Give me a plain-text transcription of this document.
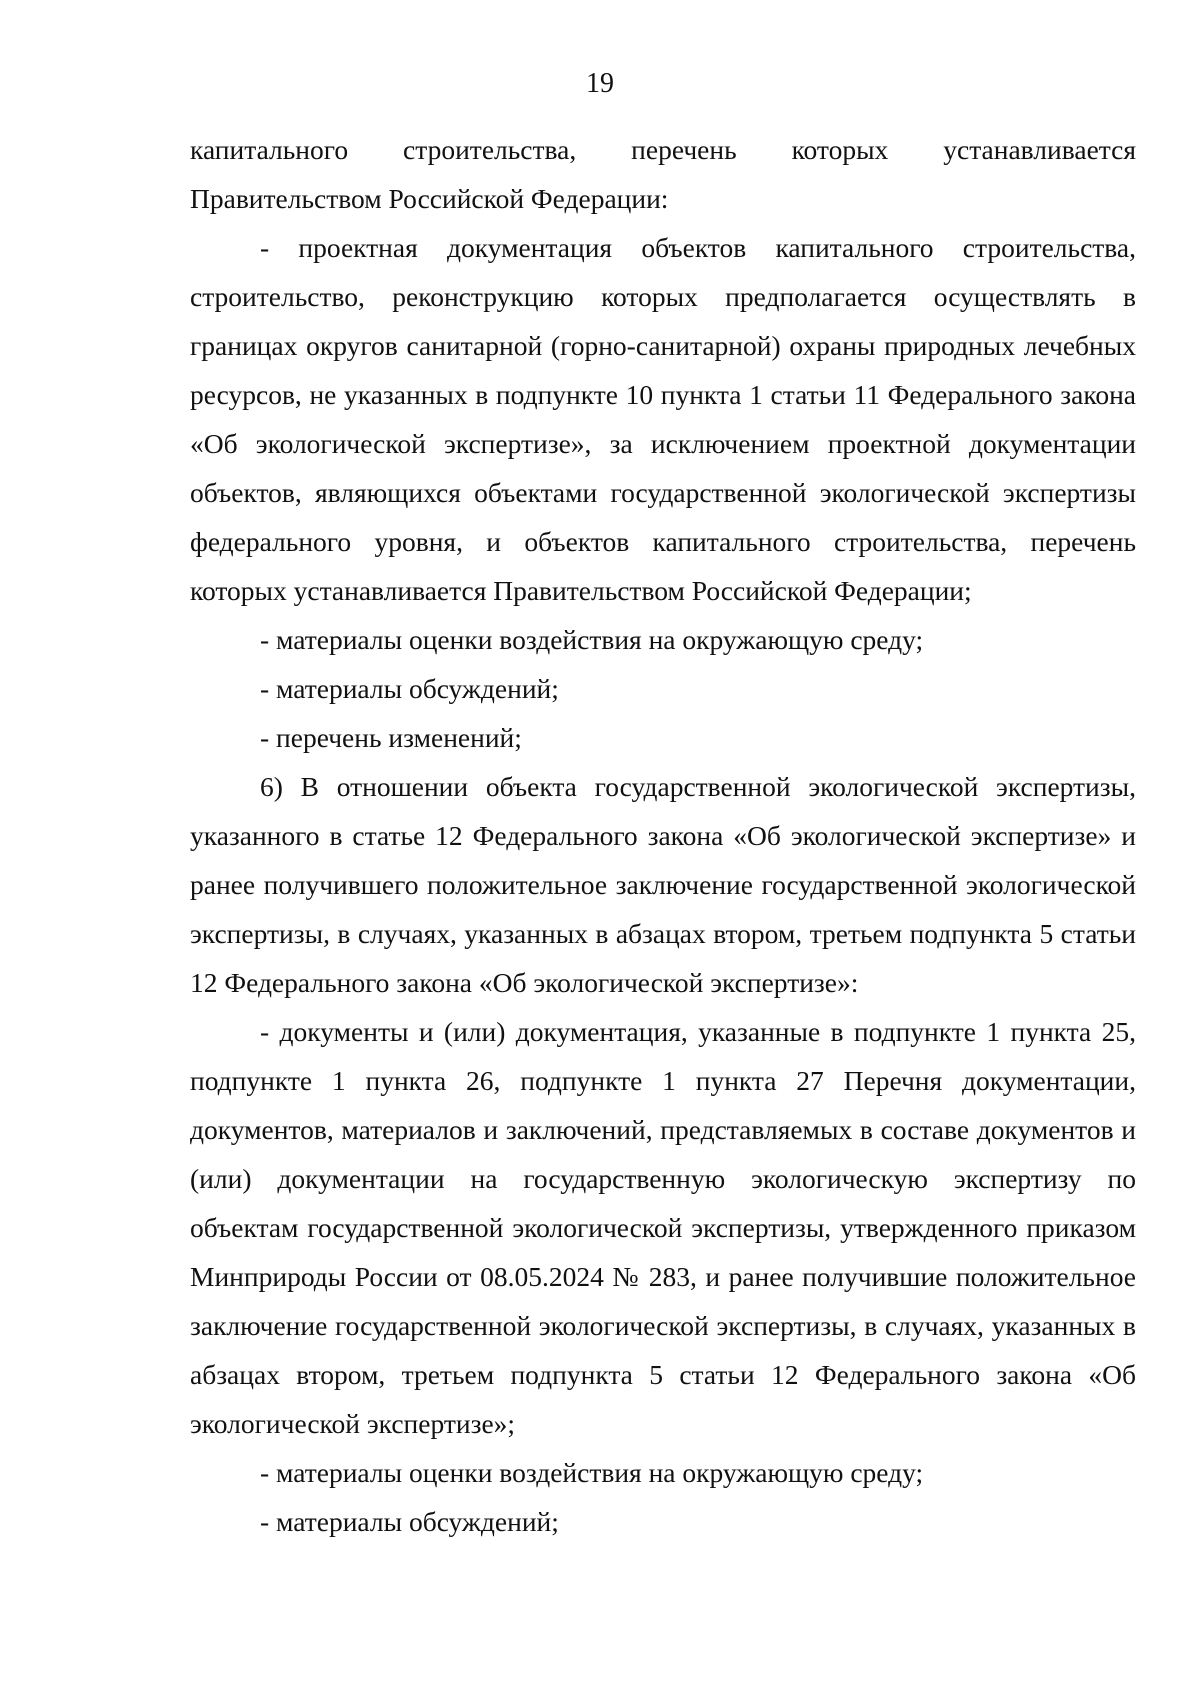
19

капитального строительства, перечень которых устанавливается Правительством Российской Федерации:

- проектная документация объектов капитального строительства, строительство, реконструкцию которых предполагается осуществлять в границах округов санитарной (горно-санитарной) охраны природных лечебных ресурсов, не указанных в подпункте 10 пункта 1 статьи 11 Федерального закона «Об экологической экспертизе», за исключением проектной документации объектов, являющихся объектами государственной экологической экспертизы федерального уровня, и объектов капитального строительства, перечень которых устанавливается Правительством Российской Федерации;

- материалы оценки воздействия на окружающую среду;

- материалы обсуждений;

- перечень изменений;

6) В отношении объекта государственной экологической экспертизы, указанного в статье 12 Федерального закона «Об экологической экспертизе» и ранее получившего положительное заключение государственной экологической экспертизы, в случаях, указанных в абзацах втором, третьем подпункта 5 статьи 12 Федерального закона «Об экологической экспертизе»:

- документы и (или) документация, указанные в подпункте 1 пункта 25, подпункте 1 пункта 26, подпункте 1 пункта 27 Перечня документации, документов, материалов и заключений, представляемых в составе документов и (или) документации на государственную экологическую экспертизу по объектам государственной экологической экспертизы, утвержденного приказом Минприроды России от 08.05.2024 № 283, и ранее получившие положительное заключение государственной экологической экспертизы, в случаях, указанных в абзацах втором, третьем подпункта 5 статьи 12 Федерального закона «Об экологической экспертизе»;

- материалы оценки воздействия на окружающую среду;

- материалы обсуждений;
